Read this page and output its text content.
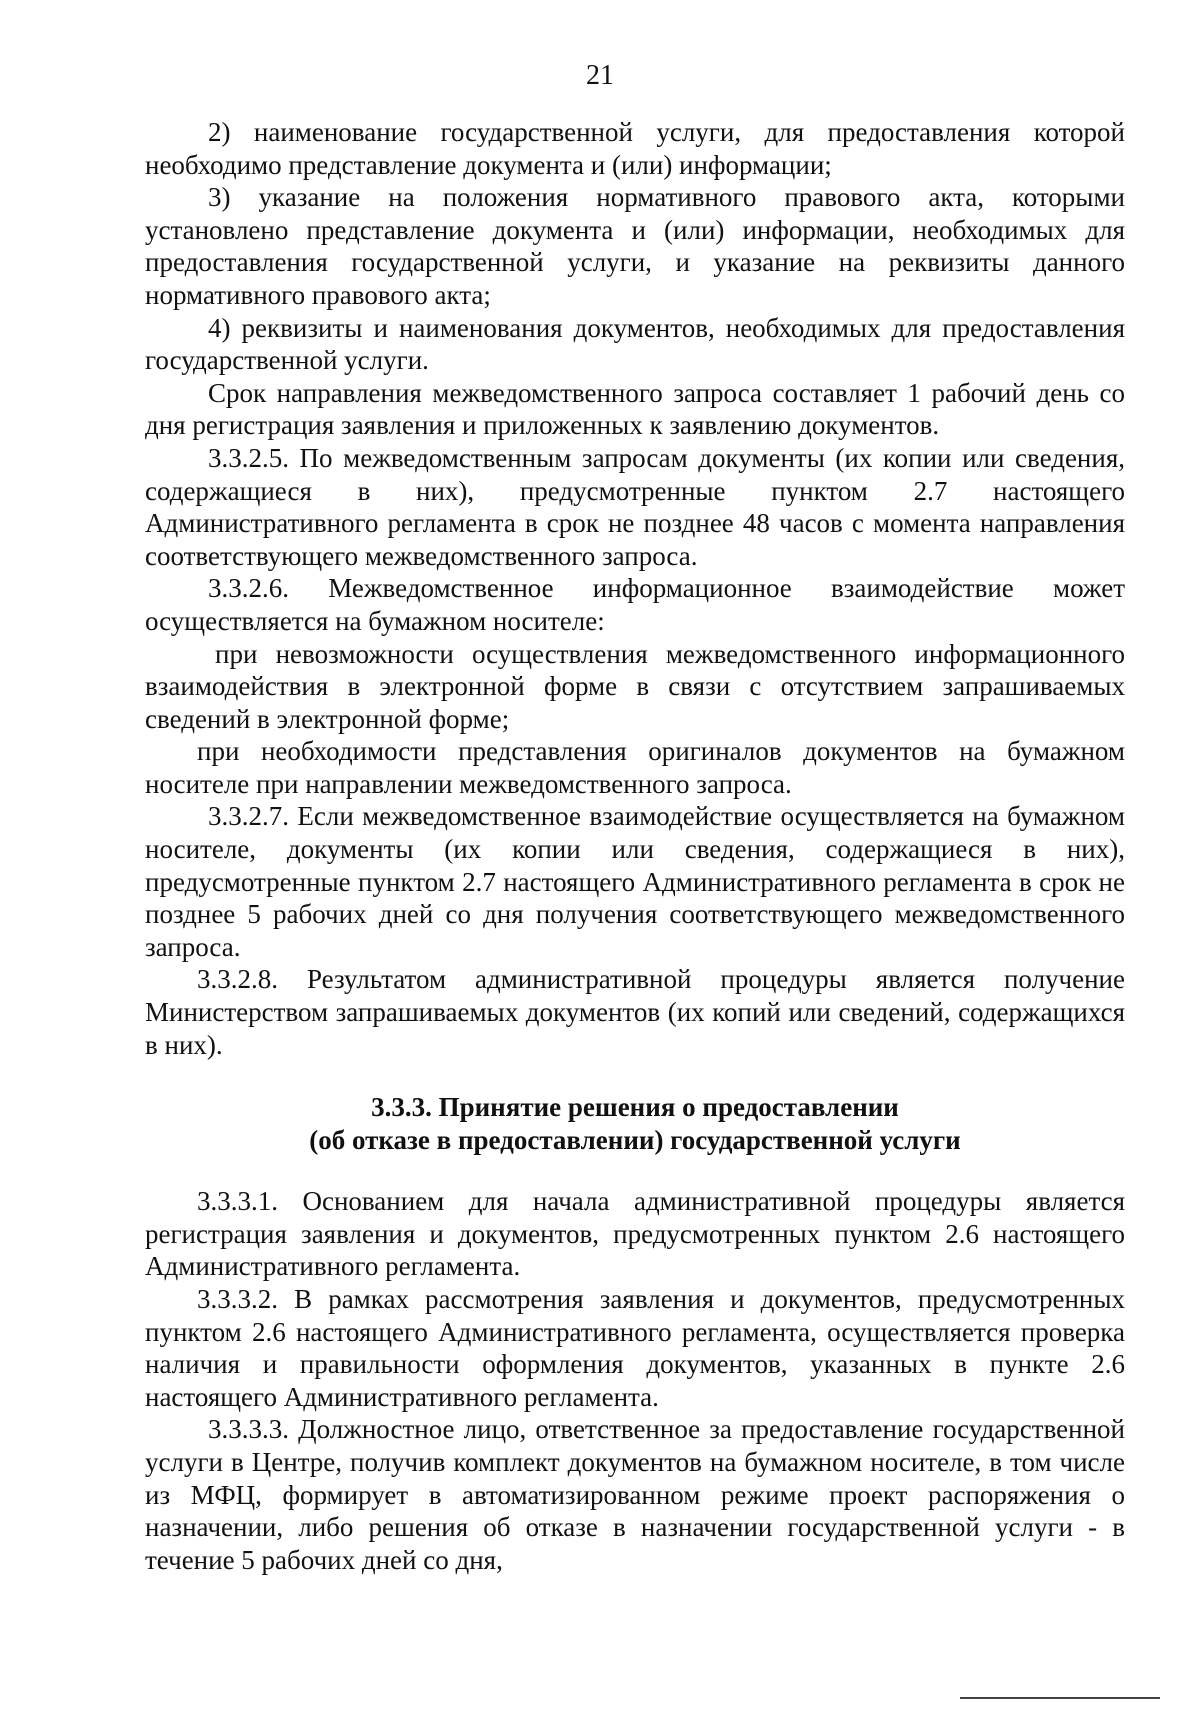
21

2) наименование государственной услуги, для предоставления которой необходимо представление документа и (или) информации;

3) указание на положения нормативного правового акта, которыми установлено представление документа и (или) информации, необходимых для предоставления государственной услуги, и указание на реквизиты данного нормативного правового акта;

4) реквизиты и наименования документов, необходимых для предоставления государственной услуги.

Срок направления межведомственного запроса составляет 1 рабочий день со дня регистрация заявления и приложенных к заявлению документов.

3.3.2.5. По межведомственным запросам документы (их копии или сведения, содержащиеся в них), предусмотренные пунктом 2.7 настоящего Административного регламента в срок не позднее 48 часов с момента направления соответствующего межведомственного запроса.

3.3.2.6. Межведомственное информационное взаимодействие может осуществляется на бумажном носителе:

при невозможности осуществления межведомственного информационного взаимодействия в электронной форме в связи с отсутствием запрашиваемых сведений в электронной форме;

при необходимости представления оригиналов документов на бумажном носителе при направлении межведомственного запроса.

3.3.2.7. Если межведомственное взаимодействие осуществляется на бумажном носителе, документы (их копии или сведения, содержащиеся в них), предусмотренные пунктом 2.7 настоящего Административного регламента в срок не позднее 5 рабочих дней со дня получения соответствующего межведомственного запроса.

3.3.2.8. Результатом административной процедуры является получение Министерством запрашиваемых документов (их копий или сведений, содержащихся в них).

3.3.3. Принятие решения о предоставлении
(об отказе в предоставлении) государственной услуги

3.3.3.1. Основанием для начала административной процедуры является регистрация заявления и документов, предусмотренных пунктом 2.6 настоящего Административного регламента.

3.3.3.2. В рамках рассмотрения заявления и документов, предусмотренных пунктом 2.6 настоящего Административного регламента, осуществляется проверка наличия и правильности оформления документов, указанных в пункте 2.6 настоящего Административного регламента.

3.3.3.3. Должностное лицо, ответственное за предоставление государственной услуги в Центре, получив комплект документов на бумажном носителе, в том числе из МФЦ, формирует в автоматизированном режиме проект распоряжения о назначении, либо решения об отказе в назначении государственной услуги - в течение 5 рабочих дней со дня,
